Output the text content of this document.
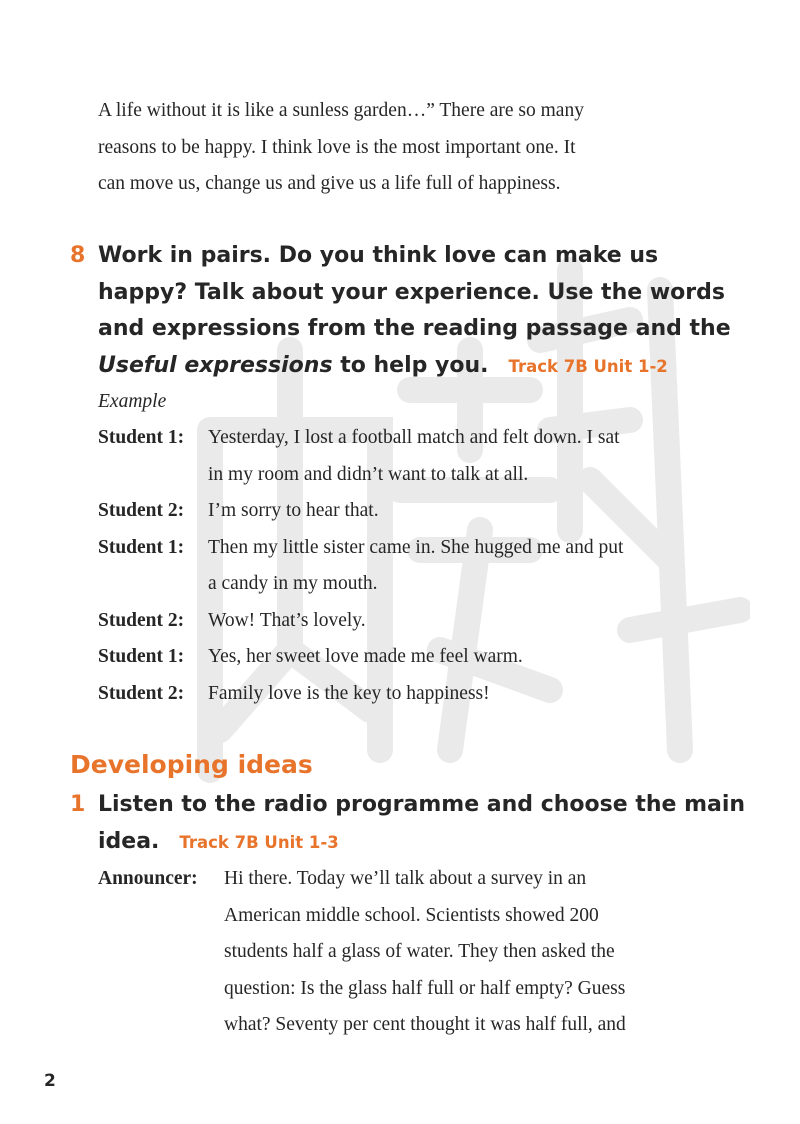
A life without it is like a sunless garden…” There are so many
reasons to be happy. I think love is the most important one. It
can move us, change us and give us a life full of happiness.

8 Work in pairs. Do you think love can make us
happy? Talk about your experience. Use the words
and expressions from the reading passage and the
Useful expressions to help you. Track 7B Unit 1-2
Example
Student 1: Yesterday, I lost a football match and felt down. I sat
in my room and didn’t want to talk at all.
Student 2: I’m sorry to hear that.
Student 1: Then my little sister came in. She hugged me and put
a candy in my mouth.
Student 2: Wow! That’s lovely.
Student 1: Yes, her sweet love made me feel warm.
Student 2: Family love is the key to happiness!
Developing ideas
1 Listen to the radio programme and choose the main
idea. Track 7B Unit 1-3
Announcer: Hi there. Today we’ll talk about a survey in an
American middle school. Scientists showed 200
students half a glass of water. They then asked the
question: Is the glass half full or half empty? Guess
what? Seventy per cent thought it was half full, and
2
